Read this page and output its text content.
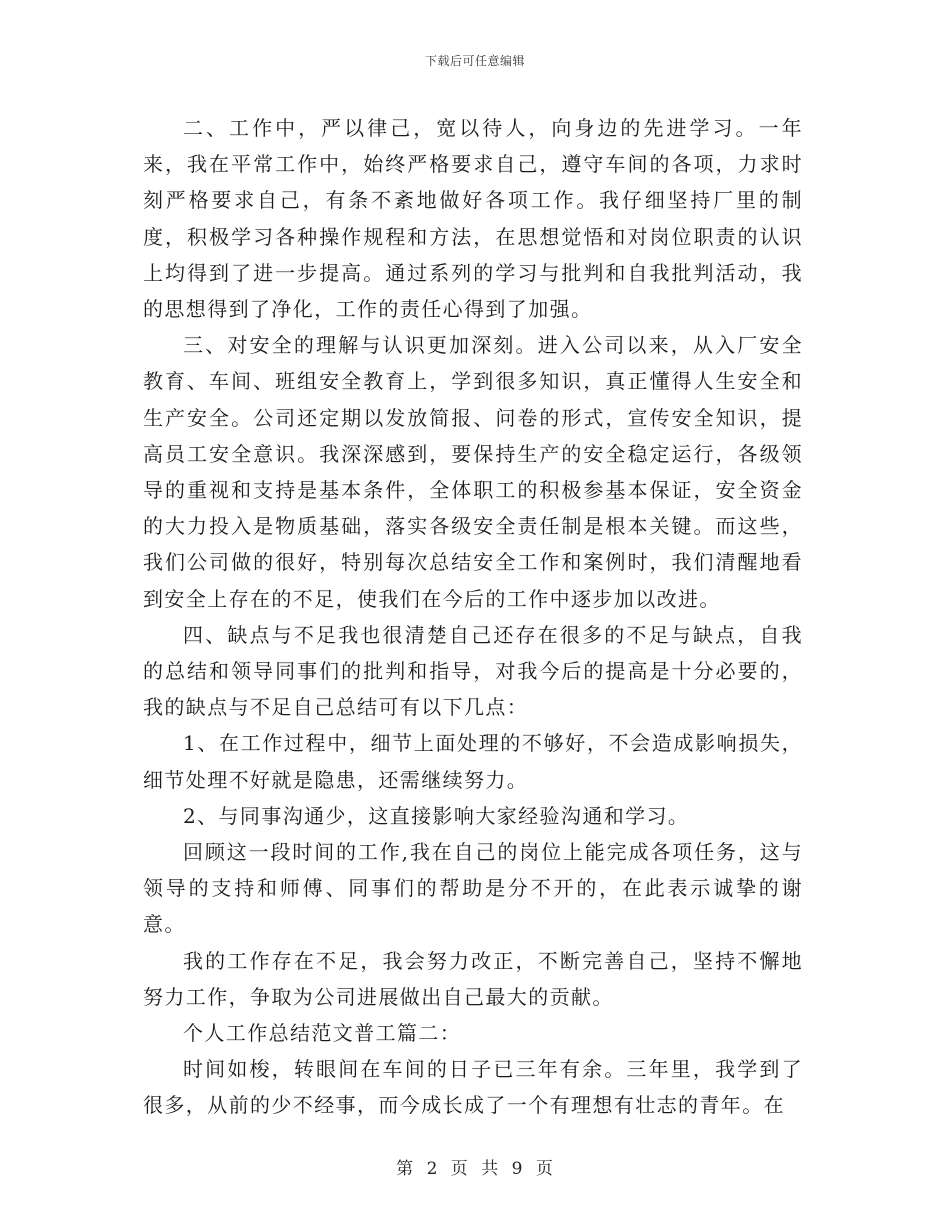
下载后可任意编辑

二、工作中，严以律己，宽以待人，向身边的先进学习。一年来，我在平常工作中，始终严格要求自己，遵守车间的各项，力求时刻严格要求自己，有条不紊地做好各项工作。我仔细坚持厂里的制度，积极学习各种操作规程和方法，在思想觉悟和对岗位职责的认识上均得到了进一步提高。通过系列的学习与批判和自我批判活动，我的思想得到了净化，工作的责任心得到了加强。

三、对安全的理解与认识更加深刻。进入公司以来，从入厂安全教育、车间、班组安全教育上，学到很多知识，真正懂得人生安全和生产安全。公司还定期以发放简报、问卷的形式，宣传安全知识，提高员工安全意识。我深深感到，要保持生产的安全稳定运行，各级领导的重视和支持是基本条件，全体职工的积极参基本保证，安全资金的大力投入是物质基础，落实各级安全责任制是根本关键。而这些，我们公司做的很好，特别每次总结安全工作和案例时，我们清醒地看到安全上存在的不足，使我们在今后的工作中逐步加以改进。

四、缺点与不足我也很清楚自己还存在很多的不足与缺点，自我的总结和领导同事们的批判和指导，对我今后的提高是十分必要的，我的缺点与不足自己总结可有以下几点：

1、在工作过程中，细节上面处理的不够好，不会造成影响损失，细节处理不好就是隐患，还需继续努力。

2、与同事沟通少，这直接影响大家经验沟通和学习。

回顾这一段时间的工作,我在自己的岗位上能完成各项任务，这与领导的支持和师傅、同事们的帮助是分不开的，在此表示诚挚的谢意。

我的工作存在不足，我会努力改正，不断完善自己，坚持不懈地努力工作，争取为公司进展做出自己最大的贡献。

个人工作总结范文普工篇二：

时间如梭，转眼间在车间的日子已三年有余。三年里，我学到了很多，从前的少不经事，而今成长成了一个有理想有壮志的青年。在

第 2 页 共 9 页
